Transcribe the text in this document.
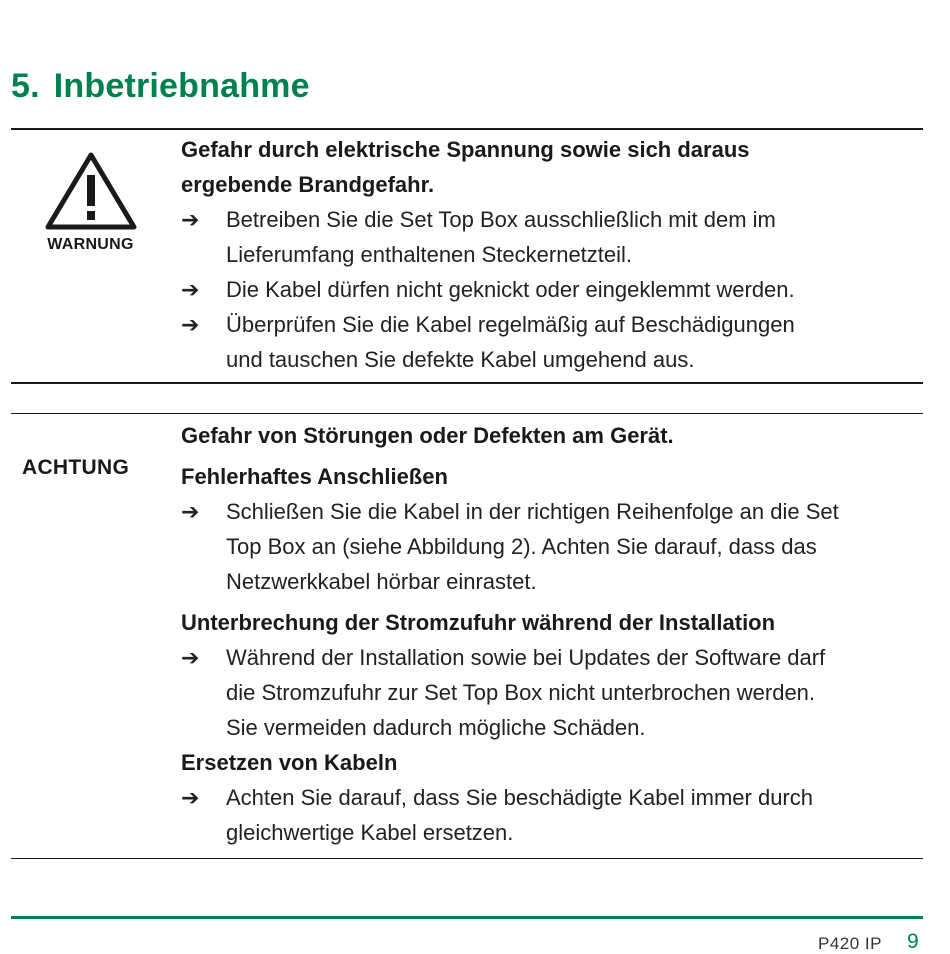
5. Inbetriebnahme
WARNUNG
Gefahr durch elektrische Spannung sowie sich daraus
ergebende Brandgefahr.
➔ Betreiben Sie die Set Top Box ausschließlich mit dem im
Lieferumfang enthaltenen Steckernetzteil.
➔ Die Kabel dürfen nicht geknickt oder eingeklemmt werden.
➔ Überprüfen Sie die Kabel regelmäßig auf Beschädigungen
und tauschen Sie defekte Kabel umgehend aus.
ACHTUNG
Gefahr von Störungen oder Defekten am Gerät.
Fehlerhaftes Anschließen
➔ Schließen Sie die Kabel in der richtigen Reihenfolge an die Set
Top Box an (siehe Abbildung 2). Achten Sie darauf, dass das
Netzwerkkabel hörbar einrastet.
Unterbrechung der Stromzufuhr während der Installation
➔ Während der Installation sowie bei Updates der Software darf
die Stromzufuhr zur Set Top Box nicht unterbrochen werden.
Sie vermeiden dadurch mögliche Schäden.
Ersetzen von Kabeln
➔ Achten Sie darauf, dass Sie beschädigte Kabel immer durch
gleichwertige Kabel ersetzen.
P420 IP 9
